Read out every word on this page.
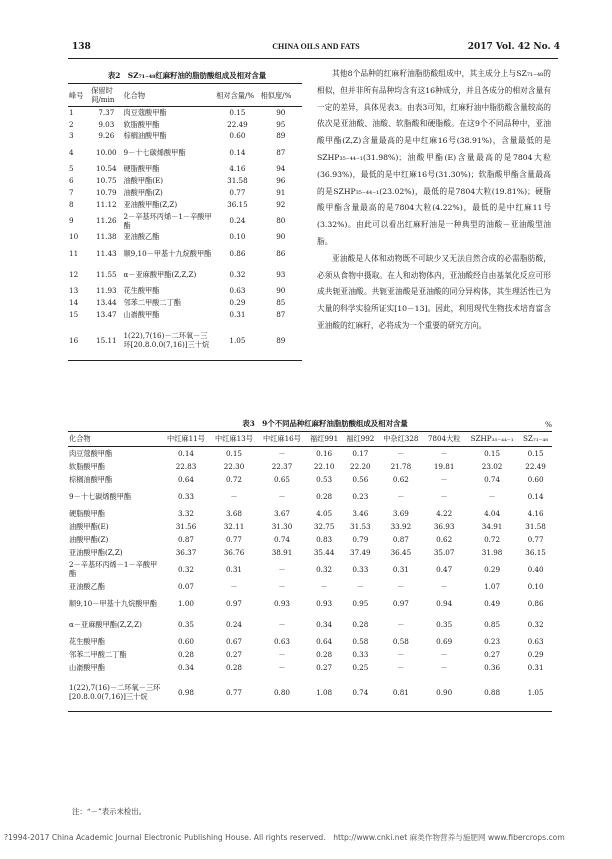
138	CHINA OILS AND FATS	2017 Vol. 42 No. 4
表2　SZ₇₁₋₄₈红麻籽油的脂肪酸组成及相对含量
峰号	保留时间/min	化合物	相对含量/%	相似度/%
1	7.37	肉豆蔻酸甲酯	0.15	90
2	9.03	软脂酸甲酯	22.49	95
3	9.26	棕榈油酸甲酯	0.60	89
4	10.00	9－十七碳烯酸甲酯	0.14	87
5	10.54	硬脂酸甲酯	4.16	94
6	10.75	油酸甲酯(E)	31.58	96
7	10.79	油酸甲酯(Z)	0.77	91
8	11.12	亚油酸甲酯(Z,Z)	36.15	92
9	11.26	2－辛基环丙烯－1－辛酸甲酯	0.24	80
10	11.38	亚油酸乙酯	0.10	90
11	11.43	顺9,10－甲基十九烷酸甲酯	0.86	86
12	11.55	α－亚麻酸甲酯(Z,Z,Z)	0.32	93
13	11.93	花生酸甲酯	0.63	90
14	13.44	邻苯二甲酸二丁酯	0.29	85
15	13.47	山嵛酸甲酯	0.31	87
16	15.11	1(22),7(16)－二环氧－三环[20.8.0.0(7,16)]三十烷	1.05	89

其他8个品种的红麻籽油脂肪酸组成中，其主成分上与SZ₇₁₋₄₈的相似，但并非所有品种均含有这16种成分，并且各成分的相对含量有一定的差异，具体见表3。由表3可知，红麻籽油中脂肪酸含量较高的依次是亚油酸、油酸、软脂酸和硬脂酸。在这9个不同品种中，亚油酸甲酯(Z,Z)含量最高的是中红麻16号(38.91%)，含量最低的是SZHP₃₅₋₄₄₋₁(31.98%)；油酸甲酯(E)含量最高的是7804大粒(36.93%)，最低的是中红麻16号(31.30%)；软脂酸甲酯含量最高的是SZHP₃₅₋₄₄₋₁(23.02%)，最低的是7804大粒(19.81%)；硬脂酸甲酯含量最高的是7804大粒(4.22%)，最低的是中红麻11号(3.32%)。由此可以看出红麻籽油是一种典型的油酸－亚油酸型油脂。

亚油酸是人体和动物既不可缺少又无法自然合成的必需脂肪酸，必须从食物中摄取。在人和动物体内，亚油酸经自由基氧化反应可形成共轭亚油酸。共轭亚油酸是亚油酸的同分异构体，其生理活性已为大量的科学实验所证实[10－13]。因此，利用现代生物技术培育富含亚油酸的红麻籽，必将成为一个重要的研究方向。

表3　9个不同品种红麻籽油脂肪酸组成及相对含量	%
化合物	中红麻11号	中红麻13号	中红麻16号	福红991	福红992	中杂红328	7804大粒	SZHP₃₅₋₄₄₋₁	SZ₇₁₋₄₈
肉豆蔻酸甲酯	0.14	0.15	－	0.16	0.17	－	－	0.15	0.15
软脂酸甲酯	22.83	22.30	22.37	22.10	22.20	21.78	19.81	23.02	22.49
棕榈油酸甲酯	0.64	0.72	0.65	0.53	0.56	0.62	－	0.74	0.60
9－十七碳烯酸甲酯	0.33	－	－	0.28	0.23	－	－	－	0.14
硬脂酸甲酯	3.32	3.68	3.67	4.05	3.46	3.69	4.22	4.04	4.16
油酸甲酯(E)	31.56	32.11	31.30	32.75	31.53	33.92	36.93	34.91	31.58
油酸甲酯(Z)	0.87	0.77	0.74	0.83	0.79	0.87	0.62	0.72	0.77
亚油酸甲酯(Z,Z)	36.37	36.76	38.91	35.44	37.49	36.45	35.07	31.98	36.15
2－辛基环丙烯－1－辛酸甲酯	0.32	0.31	－	0.32	0.33	0.31	0.47	0.29	0.40
亚油酸乙酯	0.07	－	－	－	－	－	－	1.07	0.10
顺9,10－甲基十九烷酸甲酯	1.00	0.97	0.93	0.93	0.95	0.97	0.94	0.49	0.86
α－亚麻酸甲酯(Z,Z,Z)	0.35	0.24	－	0.34	0.28	－	0.35	0.85	0.32
花生酸甲酯	0.60	0.67	0.63	0.64	0.58	0.58	0.69	0.23	0.63
邻苯二甲酸二丁酯	0.28	0.27	－	0.28	0.33	－	－	0.27	0.29
山嵛酸甲酯	0.34	0.28	－	0.27	0.25	－	－	0.36	0.31
1(22),7(16)－二环氧－三环[20.8.0.0(7,16)]三十烷	0.98	0.77	0.80	1.08	0.74	0.81	0.90	0.88	1.05
注：“－”表示未检出。
?1994-2017 China Academic Journal Electronic Publishing House. All rights reserved.　http://www.cnki.net 麻类作物营养与施肥网 www.fibercrops.com
